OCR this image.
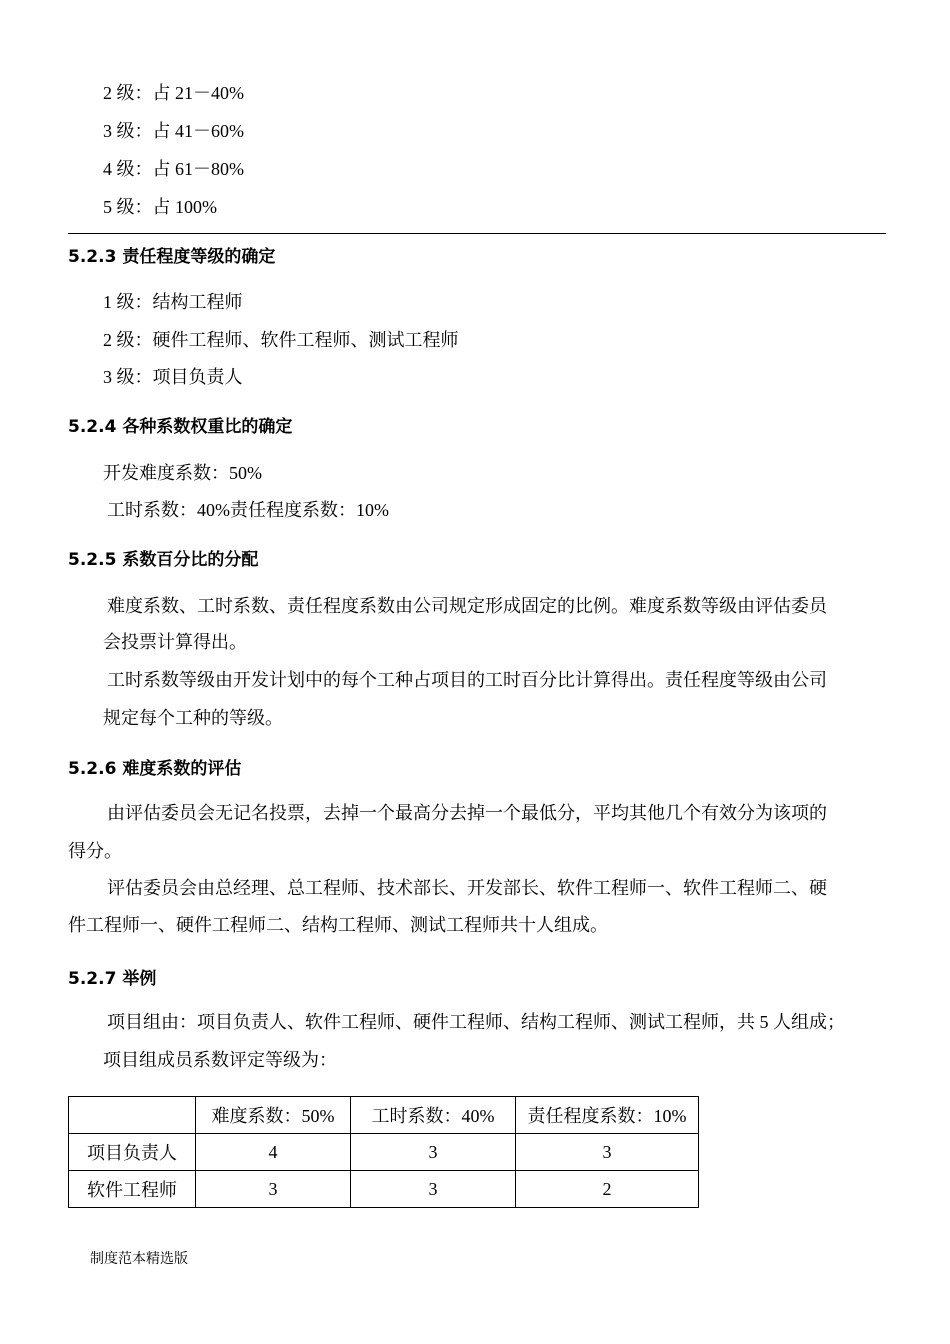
2 级：占 21－40%
3 级：占 41－60%
4 级：占 61－80%
5 级：占 100%
5.2.3 责任程度等级的确定
1 级：结构工程师
2 级：硬件工程师、软件工程师、测试工程师
3 级：项目负责人
5.2.4 各种系数权重比的确定
开发难度系数：50%
工时系数：40%责任程度系数：10%
5.2.5 系数百分比的分配
难度系数、工时系数、责任程度系数由公司规定形成固定的比例。难度系数等级由评估委员
会投票计算得出。
工时系数等级由开发计划中的每个工种占项目的工时百分比计算得出。责任程度等级由公司
规定每个工种的等级。
5.2.6 难度系数的评估
由评估委员会无记名投票，去掉一个最高分去掉一个最低分，平均其他几个有效分为该项的
得分。
评估委员会由总经理、总工程师、技术部长、开发部长、软件工程师一、软件工程师二、硬
件工程师一、硬件工程师二、结构工程师、测试工程师共十人组成。
5.2.7 举例
项目组由：项目负责人、软件工程师、硬件工程师、结构工程师、测试工程师，共 5 人组成；
项目组成员系数评定等级为：
	难度系数：50%	工时系数：40%	责任程度系数：10%
项目负责人	4	3	3
软件工程师	3	3	2
制度范本精选版
